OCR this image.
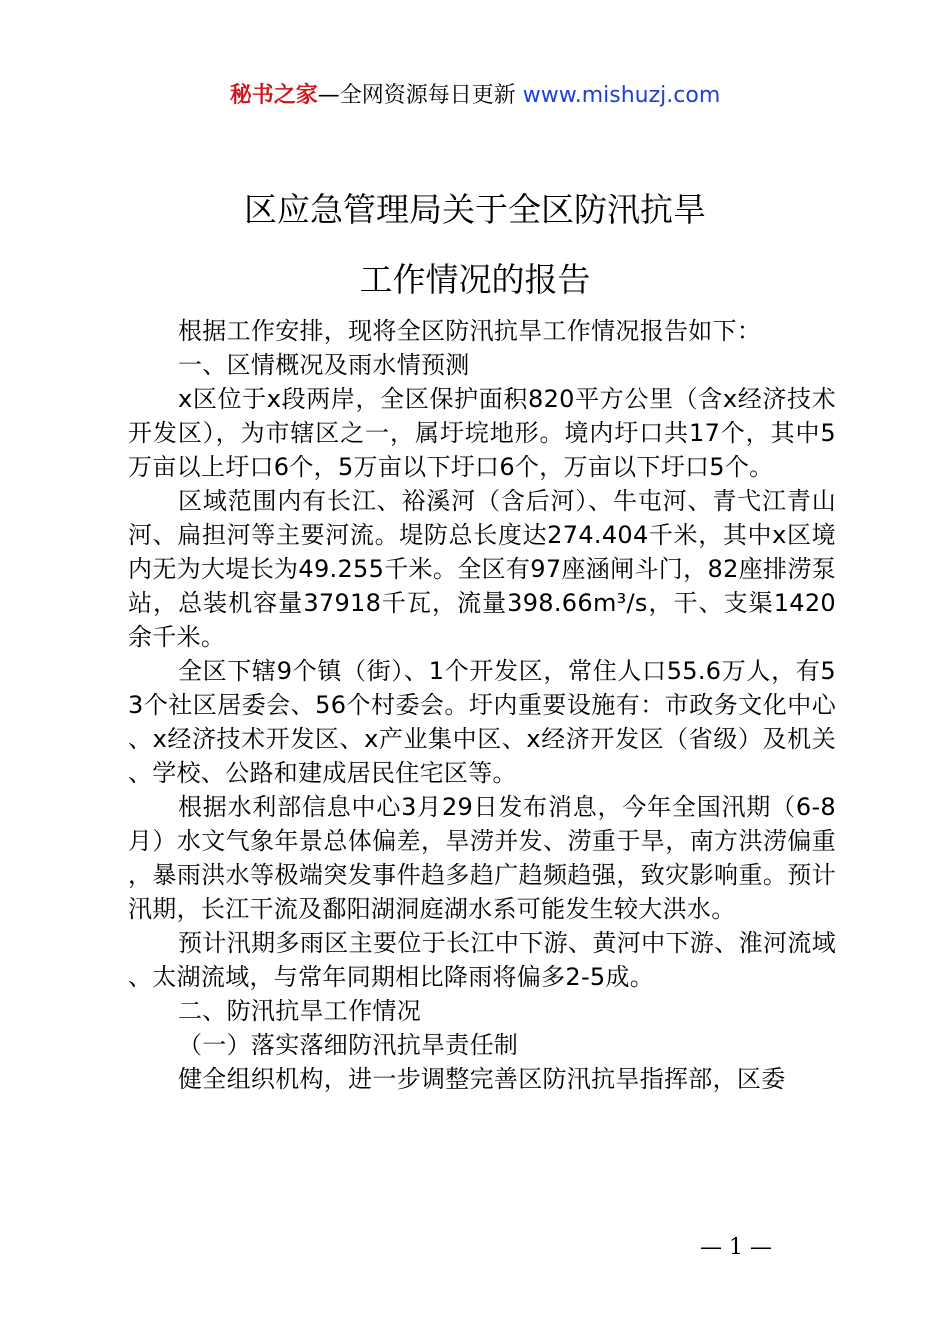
秘书之家—全网资源每日更新 www.mishuzj.com
区应急管理局关于全区防汛抗旱
工作情况的报告

根据工作安排，现将全区防汛抗旱工作情况报告如下：

一、区情概况及雨水情预测

x区位于x段两岸，全区保护面积820平方公里（含x经济技术开发区），为市辖区之一，属圩垸地形。境内圩口共17个，其中5万亩以上圩口6个，5万亩以下圩口6个，万亩以下圩口5个。

区域范围内有长江、裕溪河（含后河）、牛屯河、青弋江青山河、扁担河等主要河流。堤防总长度达274.404千米，其中x区境内无为大堤长为49.255千米。全区有97座涵闸斗门，82座排涝泵站，总装机容量37918千瓦，流量398.66m³/s，干、支渠1420余千米。

全区下辖9个镇（街）、1个开发区，常住人口55.6万人，有53个社区居委会、56个村委会。圩内重要设施有：市政务文化中心、x经济技术开发区、x产业集中区、x经济开发区（省级）及机关、学校、公路和建成居民住宅区等。

根据水利部信息中心3月29日发布消息，今年全国汛期（6-8月）水文气象年景总体偏差，旱涝并发、涝重于旱，南方洪涝偏重，暴雨洪水等极端突发事件趋多趋广趋频趋强，致灾影响重。预计汛期，长江干流及鄱阳湖洞庭湖水系可能发生较大洪水。

预计汛期多雨区主要位于长江中下游、黄河中下游、淮河流域、太湖流域，与常年同期相比降雨将偏多2-5成。

二、防汛抗旱工作情况

（一）落实落细防汛抗旱责任制

健全组织机构，进一步调整完善区防汛抗旱指挥部，区委

— 1 —
